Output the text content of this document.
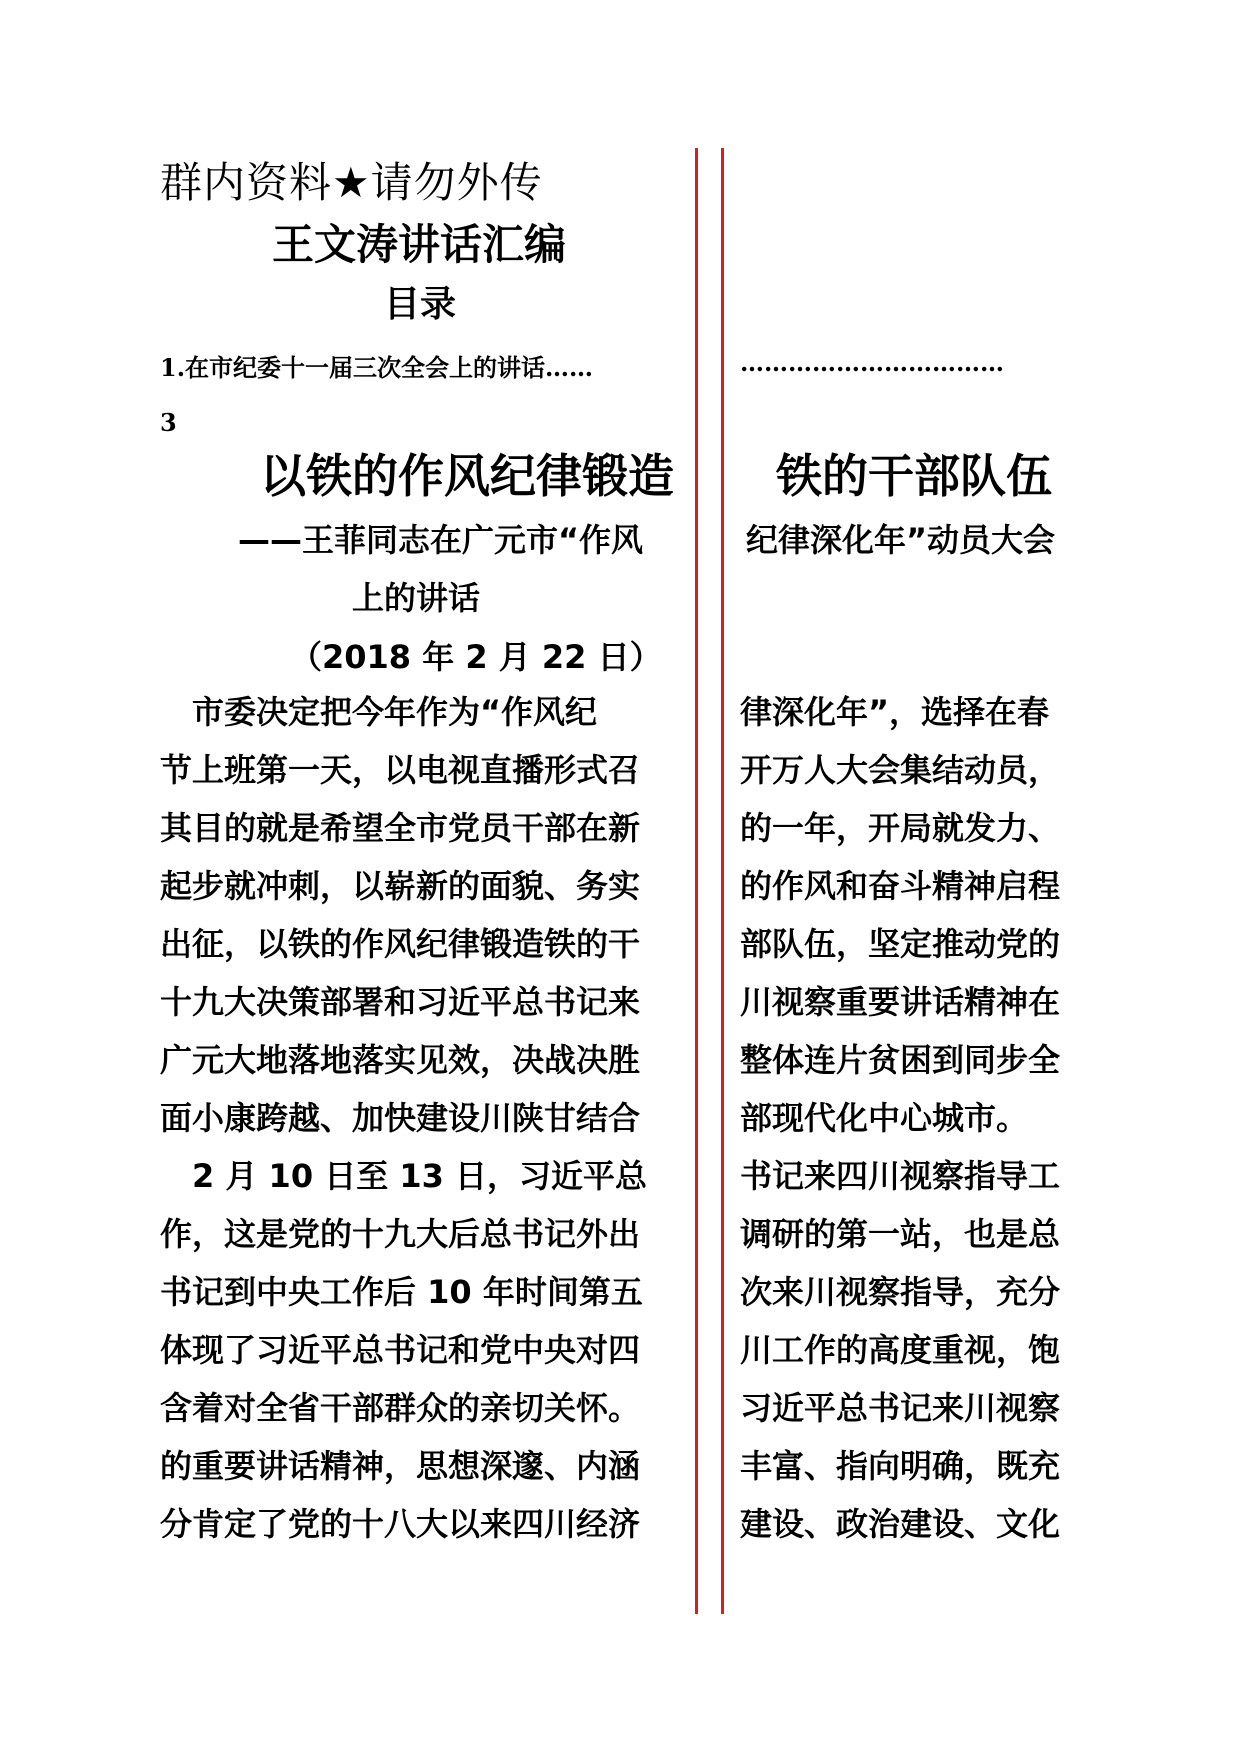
群内资料★请勿外传
王文涛讲话汇编
目录
1.在市纪委十一届三次全会上的讲话……
3
……………………………
以铁的作风纪律锻造 铁的干部队伍
——王菲同志在广元市“作风	纪律深化年”动员大会
上的讲话
（2018 年 2 月 22 日）
　市委决定把今年作为“作风纪
节上班第一天，以电视直播形式召
其目的就是希望全市党员干部在新
起步就冲刺，以崭新的面貌、务实
出征，以铁的作风纪律锻造铁的干
十九大决策部署和习近平总书记来
广元大地落地落实见效，决战决胜
面小康跨越、加快建设川陕甘结合
　2 月 10 日至 13 日，习近平总
作，这是党的十九大后总书记外出
书记到中央工作后 10 年时间第五
体现了习近平总书记和党中央对四
含着对全省干部群众的亲切关怀。
的重要讲话精神，思想深邃、内涵
分肯定了党的十八大以来四川经济
律深化年”，选择在春
开万人大会集结动员，
的一年，开局就发力、
的作风和奋斗精神启程
部队伍，坚定推动党的
川视察重要讲话精神在
整体连片贫困到同步全
部现代化中心城市。
书记来四川视察指导工
调研的第一站，也是总
次来川视察指导，充分
川工作的高度重视，饱
习近平总书记来川视察
丰富、指向明确，既充
建设、政治建设、文化
